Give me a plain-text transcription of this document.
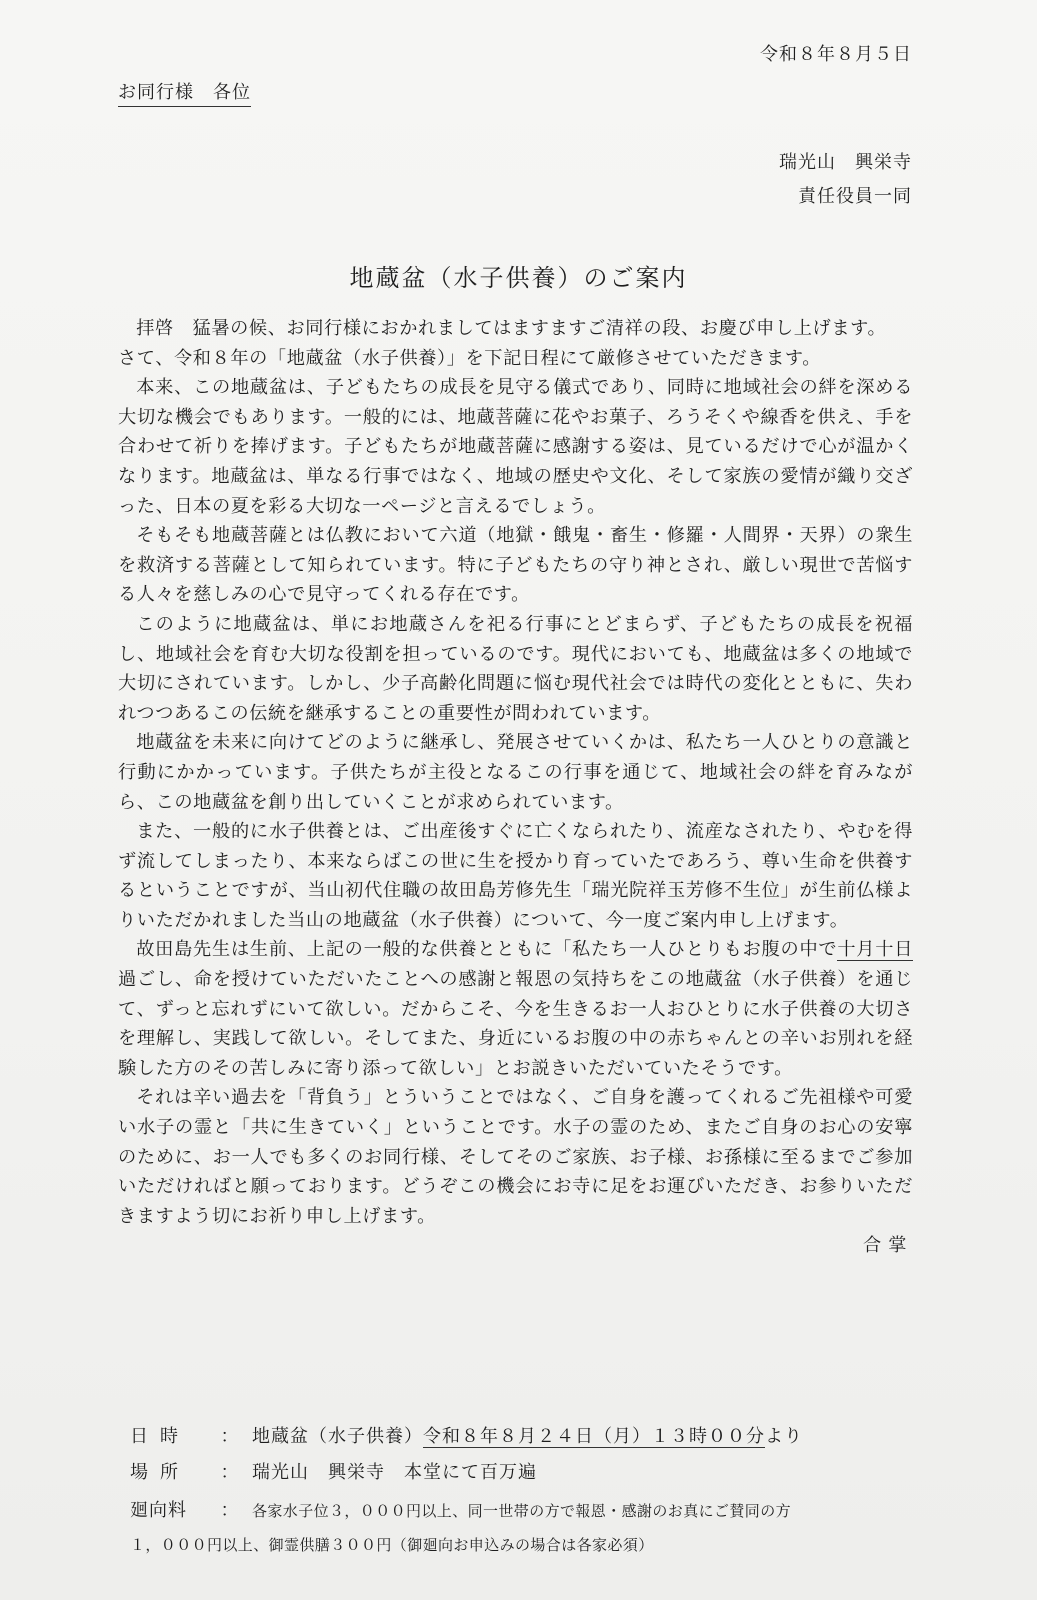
令和８年８月５日
お同行様　各位
瑞光山　興栄寺
責任役員一同
地蔵盆（水子供養）のご案内

拝啓　猛暑の候、お同行様におかれましてはますますご清祥の段、お慶び申し上げます。

さて、令和８年の「地蔵盆（水子供養）」を下記日程にて厳修させていただきます。

本来、この地蔵盆は、子どもたちの成長を見守る儀式であり、同時に地域社会の絆を深める大切な機会でもあります。一般的には、地蔵菩薩に花やお菓子、ろうそくや線香を供え、手を合わせて祈りを捧げます。子どもたちが地蔵菩薩に感謝する姿は、見ているだけで心が温かくなります。地蔵盆は、単なる行事ではなく、地域の歴史や文化、そして家族の愛情が織り交ざった、日本の夏を彩る大切な一ページと言えるでしょう。

そもそも地蔵菩薩とは仏教において六道（地獄・餓鬼・畜生・修羅・人間界・天界）の衆生を救済する菩薩として知られています。特に子どもたちの守り神とされ、厳しい現世で苦悩する人々を慈しみの心で見守ってくれる存在です。

このように地蔵盆は、単にお地蔵さんを祀る行事にとどまらず、子どもたちの成長を祝福し、地域社会を育む大切な役割を担っているのです。現代においても、地蔵盆は多くの地域で大切にされています。しかし、少子高齢化問題に悩む現代社会では時代の変化とともに、失われつつあるこの伝統を継承することの重要性が問われています。

地蔵盆を未来に向けてどのように継承し、発展させていくかは、私たち一人ひとりの意識と行動にかかっています。子供たちが主役となるこの行事を通じて、地域社会の絆を育みながら、この地蔵盆を創り出していくことが求められています。

また、一般的に水子供養とは、ご出産後すぐに亡くなられたり、流産なされたり、やむを得ず流してしまったり、本来ならばこの世に生を授かり育っていたであろう、尊い生命を供養するということですが、当山初代住職の故田島芳修先生「瑞光院祥玉芳修不生位」が生前仏様よりいただかれました当山の地蔵盆（水子供養）について、今一度ご案内申し上げます。

故田島先生は生前、上記の一般的な供養とともに「私たち一人ひとりもお腹の中で十月十日過ごし、命を授けていただいたことへの感謝と報恩の気持ちをこの地蔵盆（水子供養）を通じて、ずっと忘れずにいて欲しい。だからこそ、今を生きるお一人おひとりに水子供養の大切さを理解し、実践して欲しい。そしてまた、身近にいるお腹の中の赤ちゃんとの辛いお別れを経験した方のその苦しみに寄り添って欲しい」とお説きいただいていたそうです。

それは辛い過去を「背負う」とういうことではなく、ご自身を護ってくれるご先祖様や可愛い水子の霊と「共に生きていく」ということです。水子の霊のため、またご自身のお心の安寧のために、お一人でも多くのお同行様、そしてそのご家族、お子様、お孫様に至るまでご参加いただければと願っております。どうぞこの機会にお寺に足をお運びいただき、お参りいただきますよう切にお祈り申し上げます。

合 掌
日時	： 地蔵盆（水子供養）令和８年８月２４日（月）１３時００分より
場所	： 瑞光山　興栄寺　本堂にて百万遍
廻向料	： 各家水子位３，０００円以上、同一世帯の方で報恩・感謝のお真にご賛同の方
１，０００円以上、御霊供膳３００円（御廻向お申込みの場合は各家必須）
